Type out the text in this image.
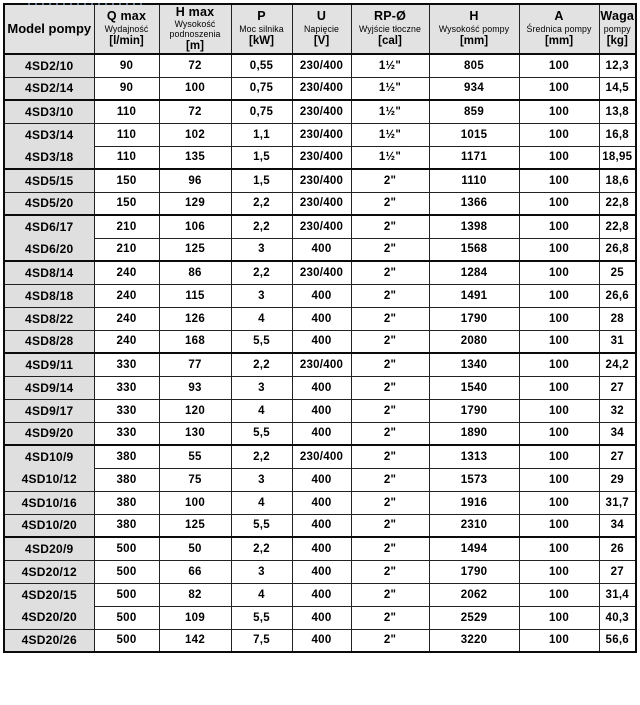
Model pompy

Q max
Wydajność
[l/min]

H max
Wysokość podnoszenia
[m]

P
Moc silnika
[kW]

U
Napięcie
[V]

RP-Ø
Wyjście tłoczne
[cal]

H
Wysokość pompy
[mm]

A
Średnica pompy
[mm]

Waga
pompy
[kg]

4SD2/10	90	72	0,55	230/400	1½"	805	100	12,3
4SD2/14	90	100	0,75	230/400	1½"	934	100	14,5
4SD3/10	110	72	0,75	230/400	1½"	859	100	13,8
4SD3/14	110	102	1,1	230/400	1½"	1015	100	16,8
4SD3/18	110	135	1,5	230/400	1½"	1171	100	18,95
4SD5/15	150	96	1,5	230/400	2"	1110	100	18,6
4SD5/20	150	129	2,2	230/400	2"	1366	100	22,8
4SD6/17	210	106	2,2	230/400	2"	1398	100	22,8
4SD6/20	210	125	3	400	2"	1568	100	26,8
4SD8/14	240	86	2,2	230/400	2"	1284	100	25
4SD8/18	240	115	3	400	2"	1491	100	26,6
4SD8/22	240	126	4	400	2"	1790	100	28
4SD8/28	240	168	5,5	400	2"	2080	100	31
4SD9/11	330	77	2,2	230/400	2"	1340	100	24,2
4SD9/14	330	93	3	400	2"	1540	100	27
4SD9/17	330	120	4	400	2"	1790	100	32
4SD9/20	330	130	5,5	400	2"	1890	100	34
4SD10/9	380	55	2,2	230/400	2"	1313	100	27
4SD10/12	380	75	3	400	2"	1573	100	29
4SD10/16	380	100	4	400	2"	1916	100	31,7
4SD10/20	380	125	5,5	400	2"	2310	100	34
4SD20/9	500	50	2,2	400	2"	1494	100	26
4SD20/12	500	66	3	400	2"	1790	100	27
4SD20/15	500	82	4	400	2"	2062	100	31,4
4SD20/20	500	109	5,5	400	2"	2529	100	40,3
4SD20/26	500	142	7,5	400	2"	3220	100	56,6
